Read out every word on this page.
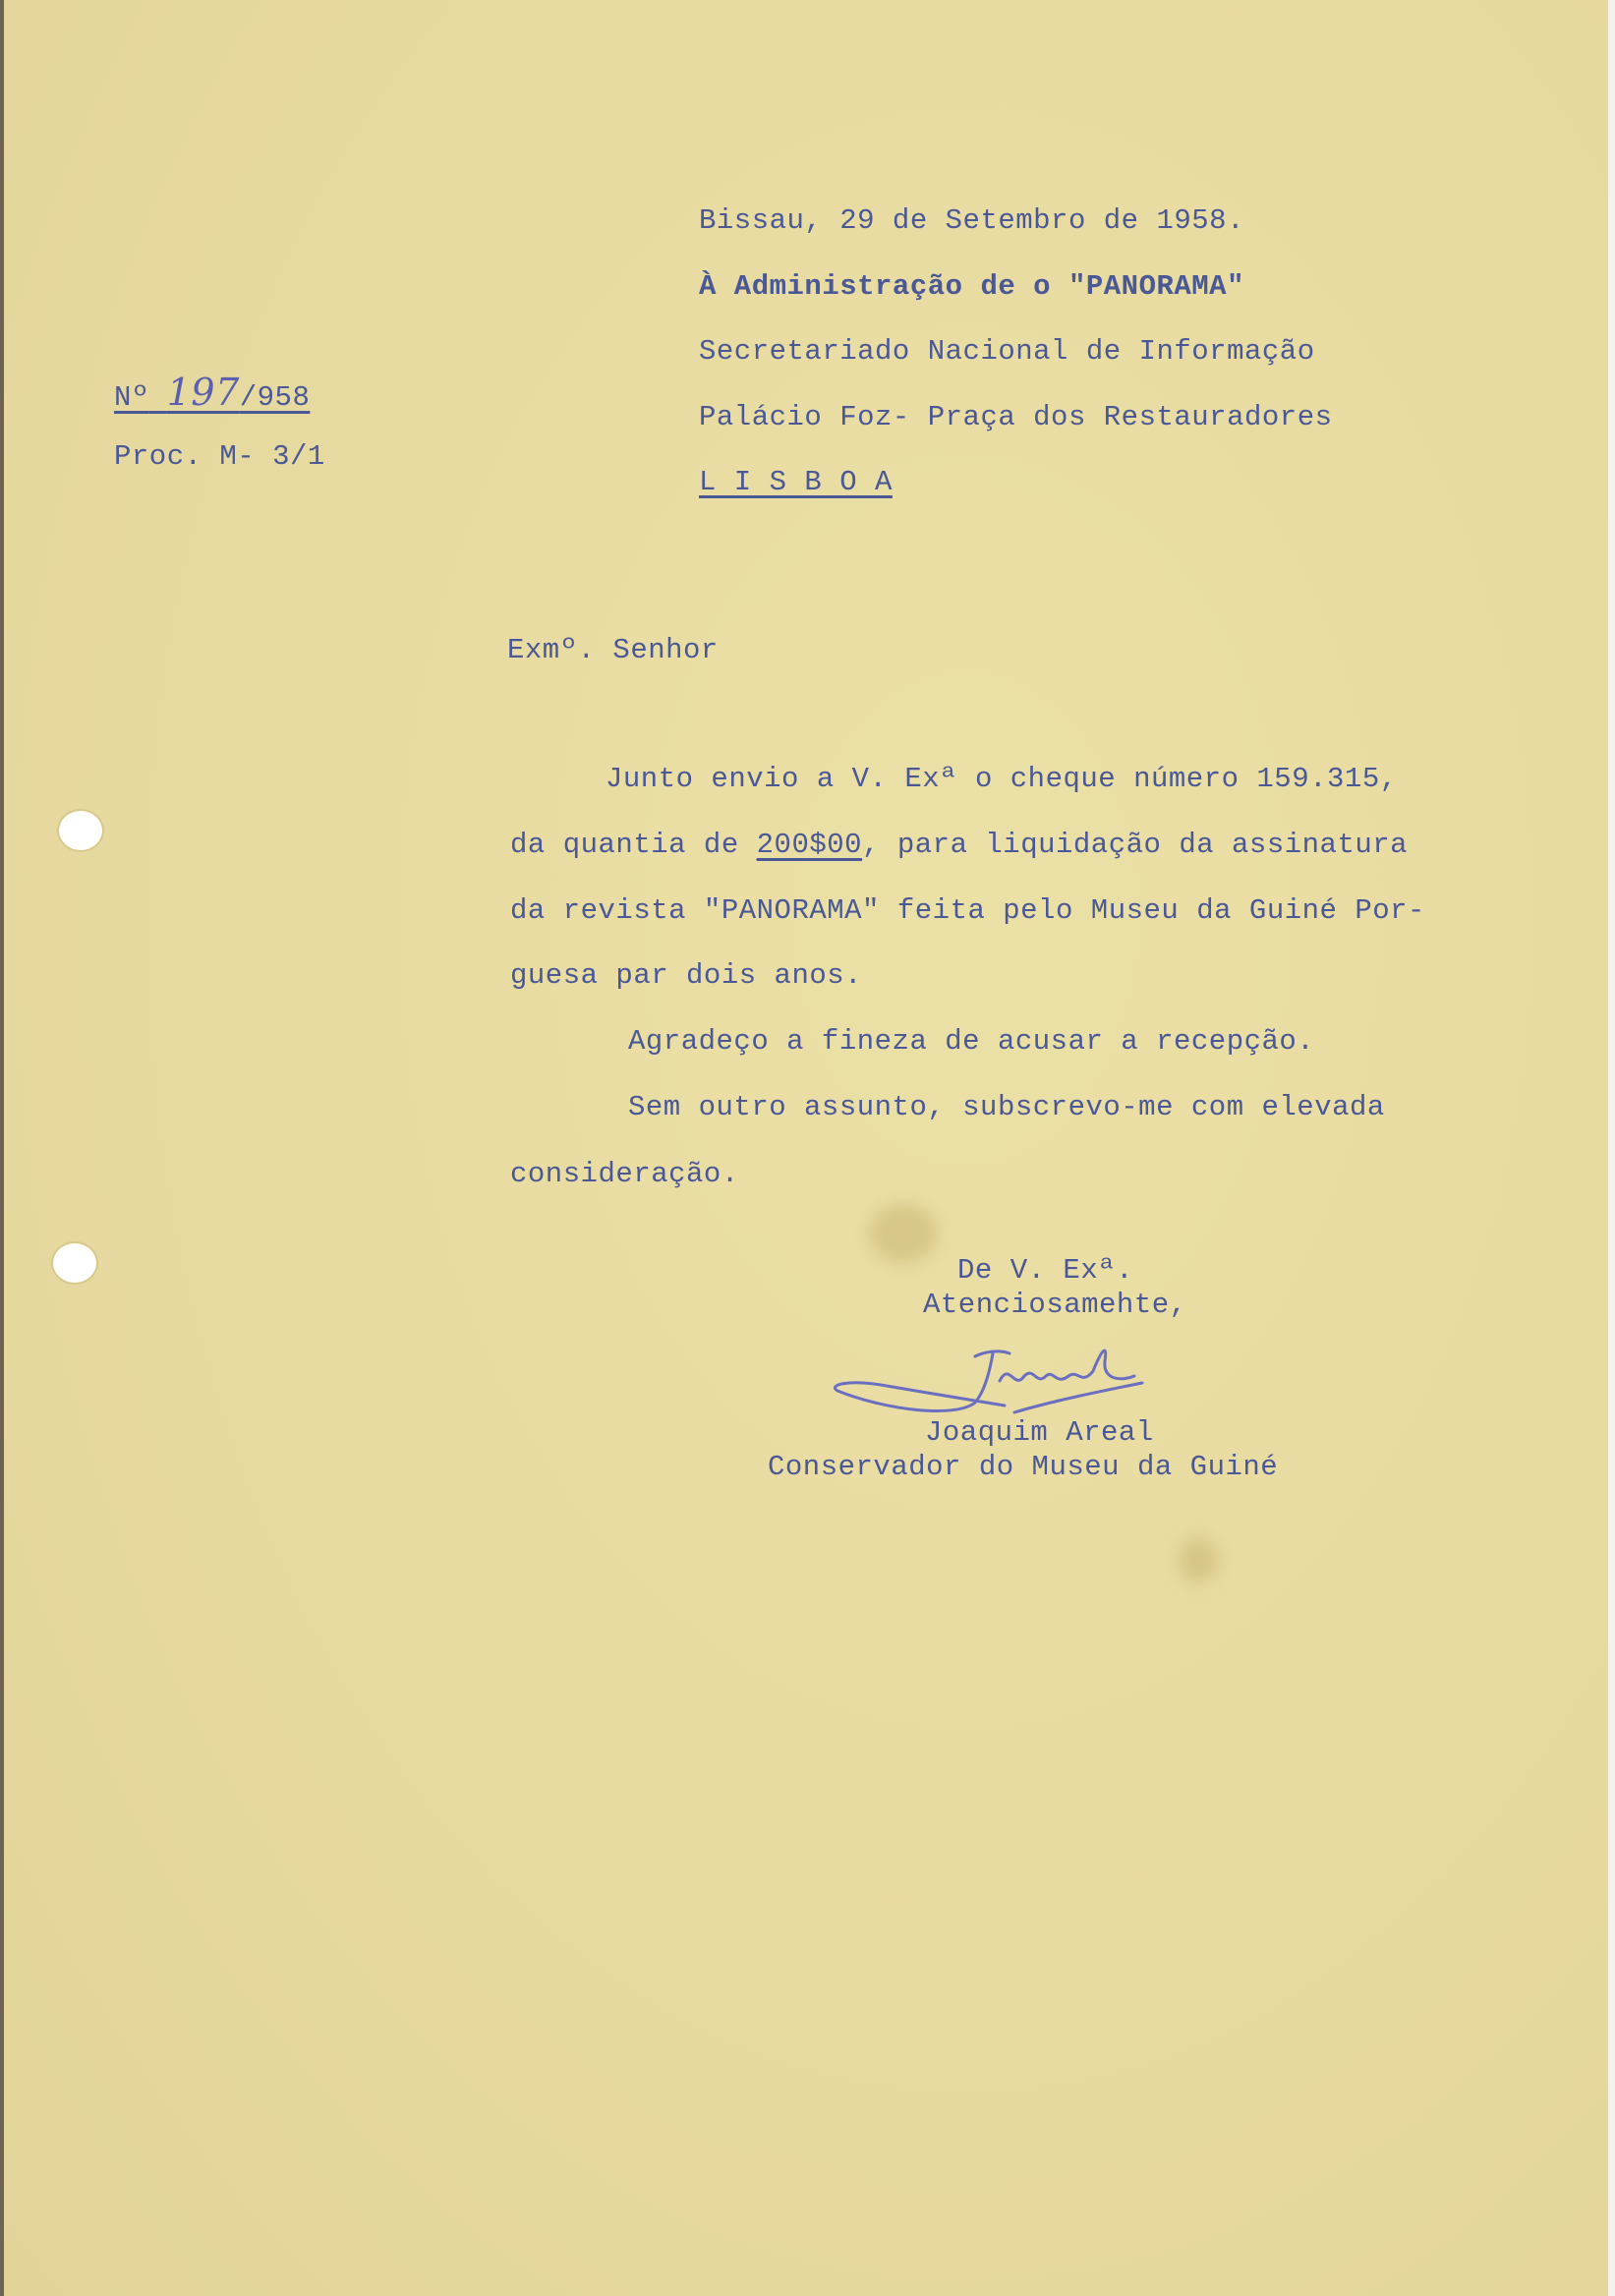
Nº 197/958
Proc. M- 3/1
Bissau, 29 de Setembro de 1958.
À Administração de o "PANORAMA"
Secretariado Nacional de Informação
Palácio Foz- Praça dos Restauradores
L I S B O A
Exmº. Senhor
Junto envio a V. Exª o cheque número 159.315,
da quantia de 200$00, para liquidação da assinatura
da revista "PANORAMA" feita pelo Museu da Guiné Por-
guesa par dois anos.
Agradeço a fineza de acusar a recepção.
Sem outro assunto, subscrevo-me com elevada
consideração.
De V. Exª.
Atenciosamehte,
Joaquim Areal
Conservador do Museu da Guiné
